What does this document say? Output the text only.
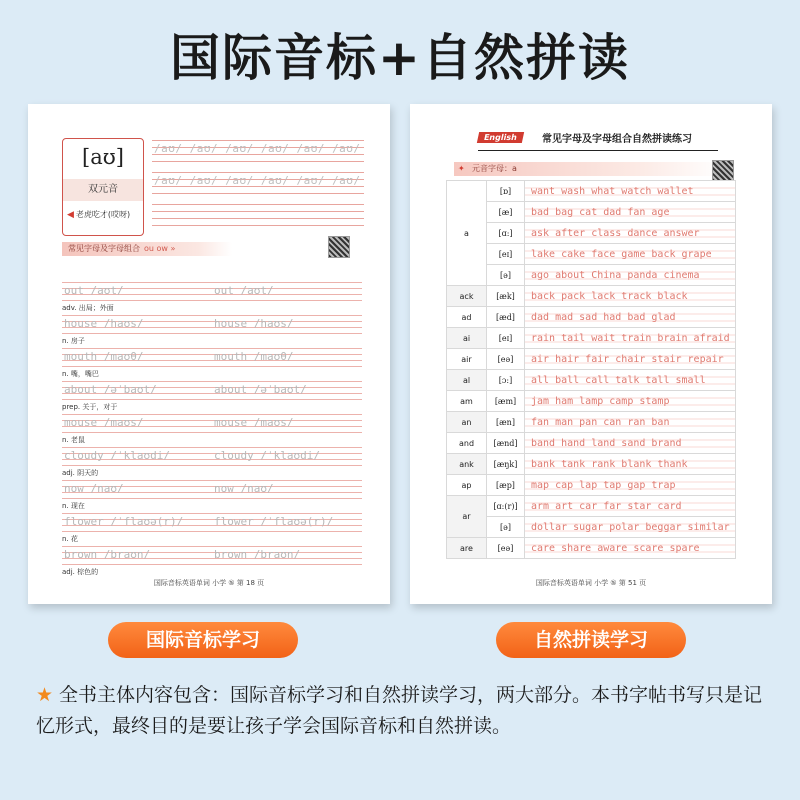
国际音标+自然拼读
[aʊ]
双元音
◀ 老虎吃才(哎呀)
/aʊ/ /aʊ/ /aʊ/ /aʊ/ /aʊ/ /aʊ/
/aʊ/ /aʊ/ /aʊ/ /aʊ/ /aʊ/ /aʊ/
常见字母及字母组合 ou ow »
out /aʊt/	out /aʊt/
adv. 出局；外面
house /haʊs/	house /haʊs/
n. 房子
mouth /maʊθ/	mouth /maʊθ/
n. 嘴，嘴巴
about /əˈbaʊt/	about /əˈbaʊt/
prep. 关于，对于
mouse /maʊs/	mouse /maʊs/
n. 老鼠
cloudy /ˈklaʊdi/	cloudy /ˈklaʊdi/
adj. 阴天的
now /naʊ/	now /naʊ/
n. 现在
flower /ˈflaʊə(r)/	flower /ˈflaʊə(r)/
n. 花
brown /braʊn/	brown /braʊn/
adj. 棕色的
国际音标英语单词 小学 ⑤ 第 18 页
English	常见字母及字母组合自然拼读练习
✦ 元音字母：a
a	[ɒ]	want wash what watch wallet
	[æ]	bad bag cat dad fan age
	[ɑ:]	ask after class dance answer
	[eɪ]	lake cake face game back grape
	[ə]	ago about China panda cinema
ack	[æk]	back pack lack track black
ad	[æd]	dad mad sad had bad glad
ai	[eɪ]	rain tail wait train brain afraid
air	[eə]	air hair fair chair stair repair
al	[ɔ:]	all ball call talk tall small
am	[æm]	jam ham lamp camp stamp
an	[æn]	fan man pan can ran ban
and	[ænd]	band hand land sand brand
ank	[æŋk]	bank tank rank blank thank
ap	[æp]	map cap lap tap gap trap
ar	[ɑ:(r)]	arm art car far star card
	[ə]	dollar sugar polar beggar similar
are	[eə]	care share aware scare spare
国际音标英语单词 小学 ⑤ 第 51 页
国际音标学习	自然拼读学习
★ 全书主体内容包含：国际音标学习和自然拼读学习，两大部分。本书字帖书写只是记忆形式，最终目的是要让孩子学会国际音标和自然拼读。
